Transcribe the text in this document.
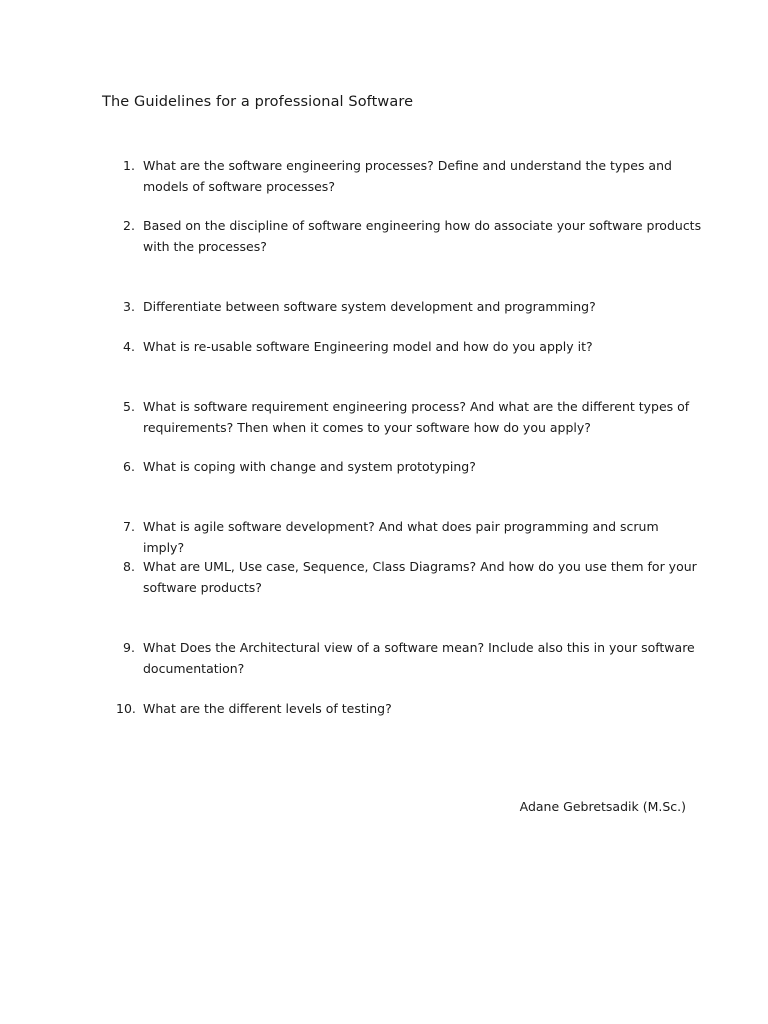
The Guidelines for a professional Software
1. What are the software engineering processes? Define and understand the types and models of software processes?
2. Based on the discipline of software engineering how do associate your software products with the processes?
3. Differentiate between software system development and programming?
4. What is re-usable software Engineering model and how do you apply it?
5. What is software requirement engineering process? And what are the different types of requirements? Then when it comes to your software how do you apply?
6. What is coping with change and system prototyping?
7. What is agile software development? And what does pair programming and scrum imply?
8. What are UML, Use case, Sequence, Class Diagrams? And how do you use them for your software products?
9. What Does the Architectural view of a software mean? Include also this in your software documentation?
10. What are the different levels of testing?
Adane Gebretsadik (M.Sc.)
